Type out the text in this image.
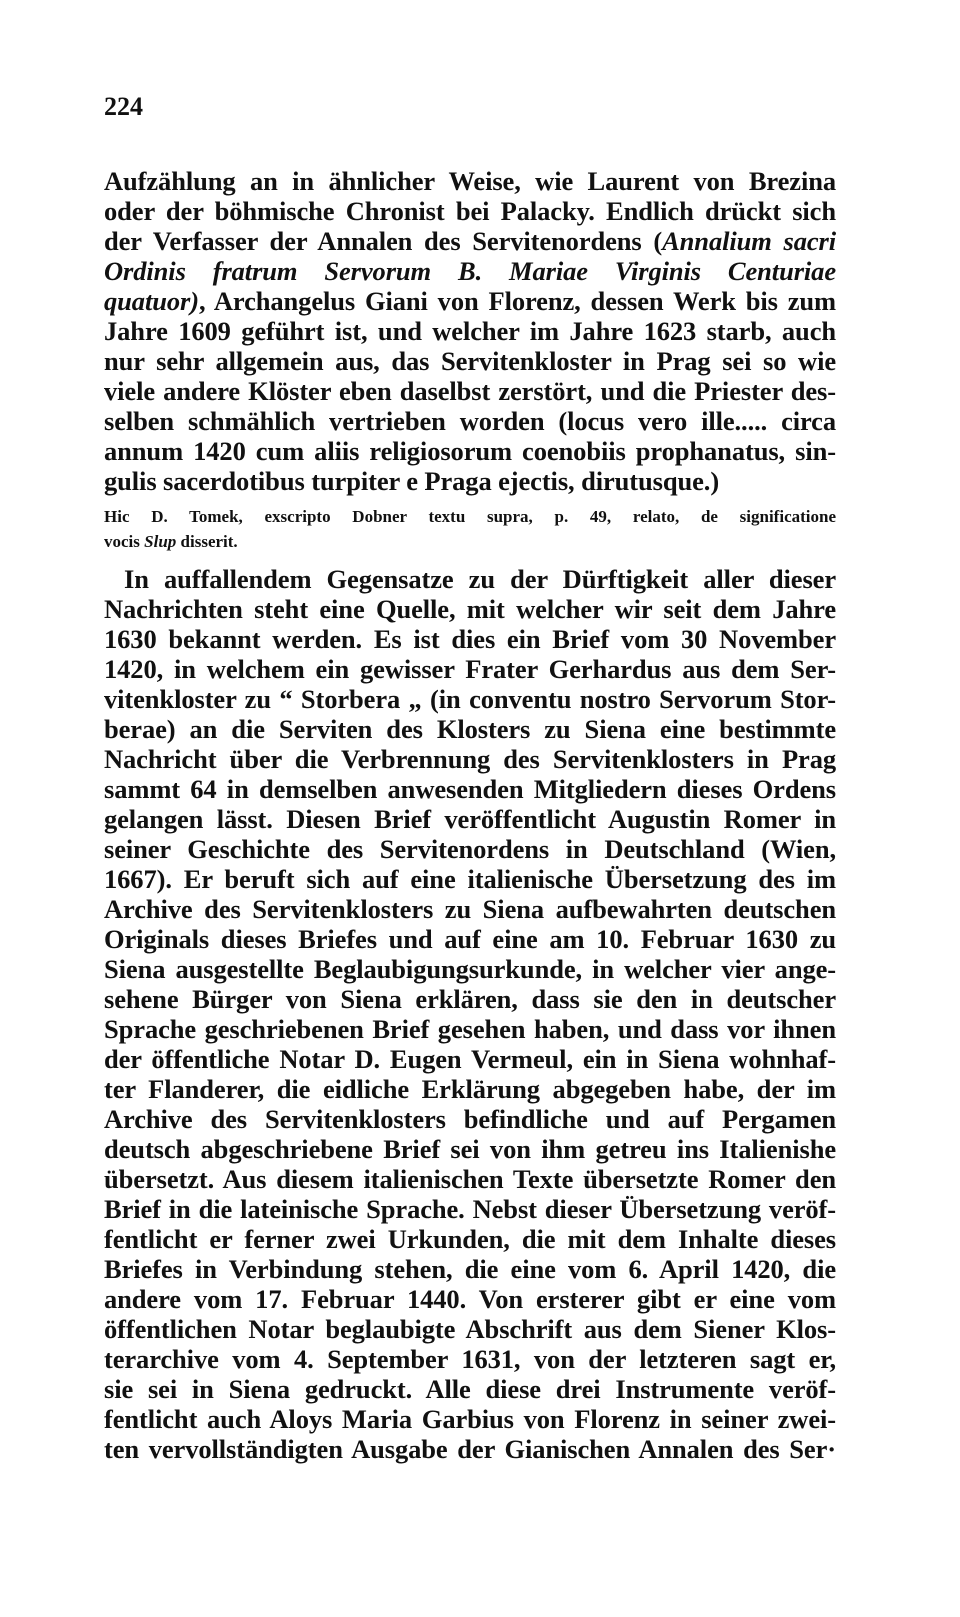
224
Aufzählung an in ähnlicher Weise, wie Laurent von Brezina
oder der böhmische Chronist bei Palacky. Endlich drückt sich
der Verfasser der Annalen des Servitenordens (Annalium sacri
Ordinis fratrum Servorum B. Mariae Virginis Centuriae
quatuor), Archangelus Giani von Florenz, dessen Werk bis zum
Jahre 1609 geführt ist, und welcher im Jahre 1623 starb, auch
nur sehr allgemein aus, das Servitenkloster in Prag sei so wie
viele andere Klöster eben daselbst zerstört, und die Priester des-
selben schmählich vertrieben worden (locus vero ille..... circa
annum 1420 cum aliis religiosorum coenobiis prophanatus, sin-
gulis sacerdotibus turpiter e Praga ejectis, dirutusque.)
Hic D. Tomek, exscripto Dobner textu supra, p. 49, relato, de significatione
vocis Slup disserit.
In auffallendem Gegensatze zu der Dürftigkeit aller dieser
Nachrichten steht eine Quelle, mit welcher wir seit dem Jahre
1630 bekannt werden. Es ist dies ein Brief vom 30 November
1420, in welchem ein gewisser Frater Gerhardus aus dem Ser-
vitenkloster zu “ Storbera „ (in conventu nostro Servorum Stor-
berae) an die Serviten des Klosters zu Siena eine bestimmte
Nachricht über die Verbrennung des Servitenklosters in Prag
sammt 64 in demselben anwesenden Mitgliedern dieses Ordens
gelangen lässt. Diesen Brief veröffentlicht Augustin Romer in
seiner Geschichte des Servitenordens in Deutschland (Wien,
1667). Er beruft sich auf eine italienische Übersetzung des im
Archive des Servitenklosters zu Siena aufbewahrten deutschen
Originals dieses Briefes und auf eine am 10. Februar 1630 zu
Siena ausgestellte Beglaubigungsurkunde, in welcher vier ange-
sehene Bürger von Siena erklären, dass sie den in deutscher
Sprache geschriebenen Brief gesehen haben, und dass vor ihnen
der öffentliche Notar D. Eugen Vermeul, ein in Siena wohnhaf-
ter Flanderer, die eidliche Erklärung abgegeben habe, der im
Archive des Servitenklosters befindliche und auf Pergamen
deutsch abgeschriebene Brief sei von ihm getreu ins Italienishe
übersetzt. Aus diesem italienischen Texte übersetzte Romer den
Brief in die lateinische Sprache. Nebst dieser Übersetzung veröf-
fentlicht er ferner zwei Urkunden, die mit dem Inhalte dieses
Briefes in Verbindung stehen, die eine vom 6. April 1420, die
andere vom 17. Februar 1440. Von ersterer gibt er eine vom
öffentlichen Notar beglaubigte Abschrift aus dem Siener Klos-
terarchive vom 4. September 1631, von der letzteren sagt er,
sie sei in Siena gedruckt. Alle diese drei Instrumente veröf-
fentlicht auch Aloys Maria Garbius von Florenz in seiner zwei-
ten vervollständigten Ausgabe der Gianischen Annalen des Ser·
